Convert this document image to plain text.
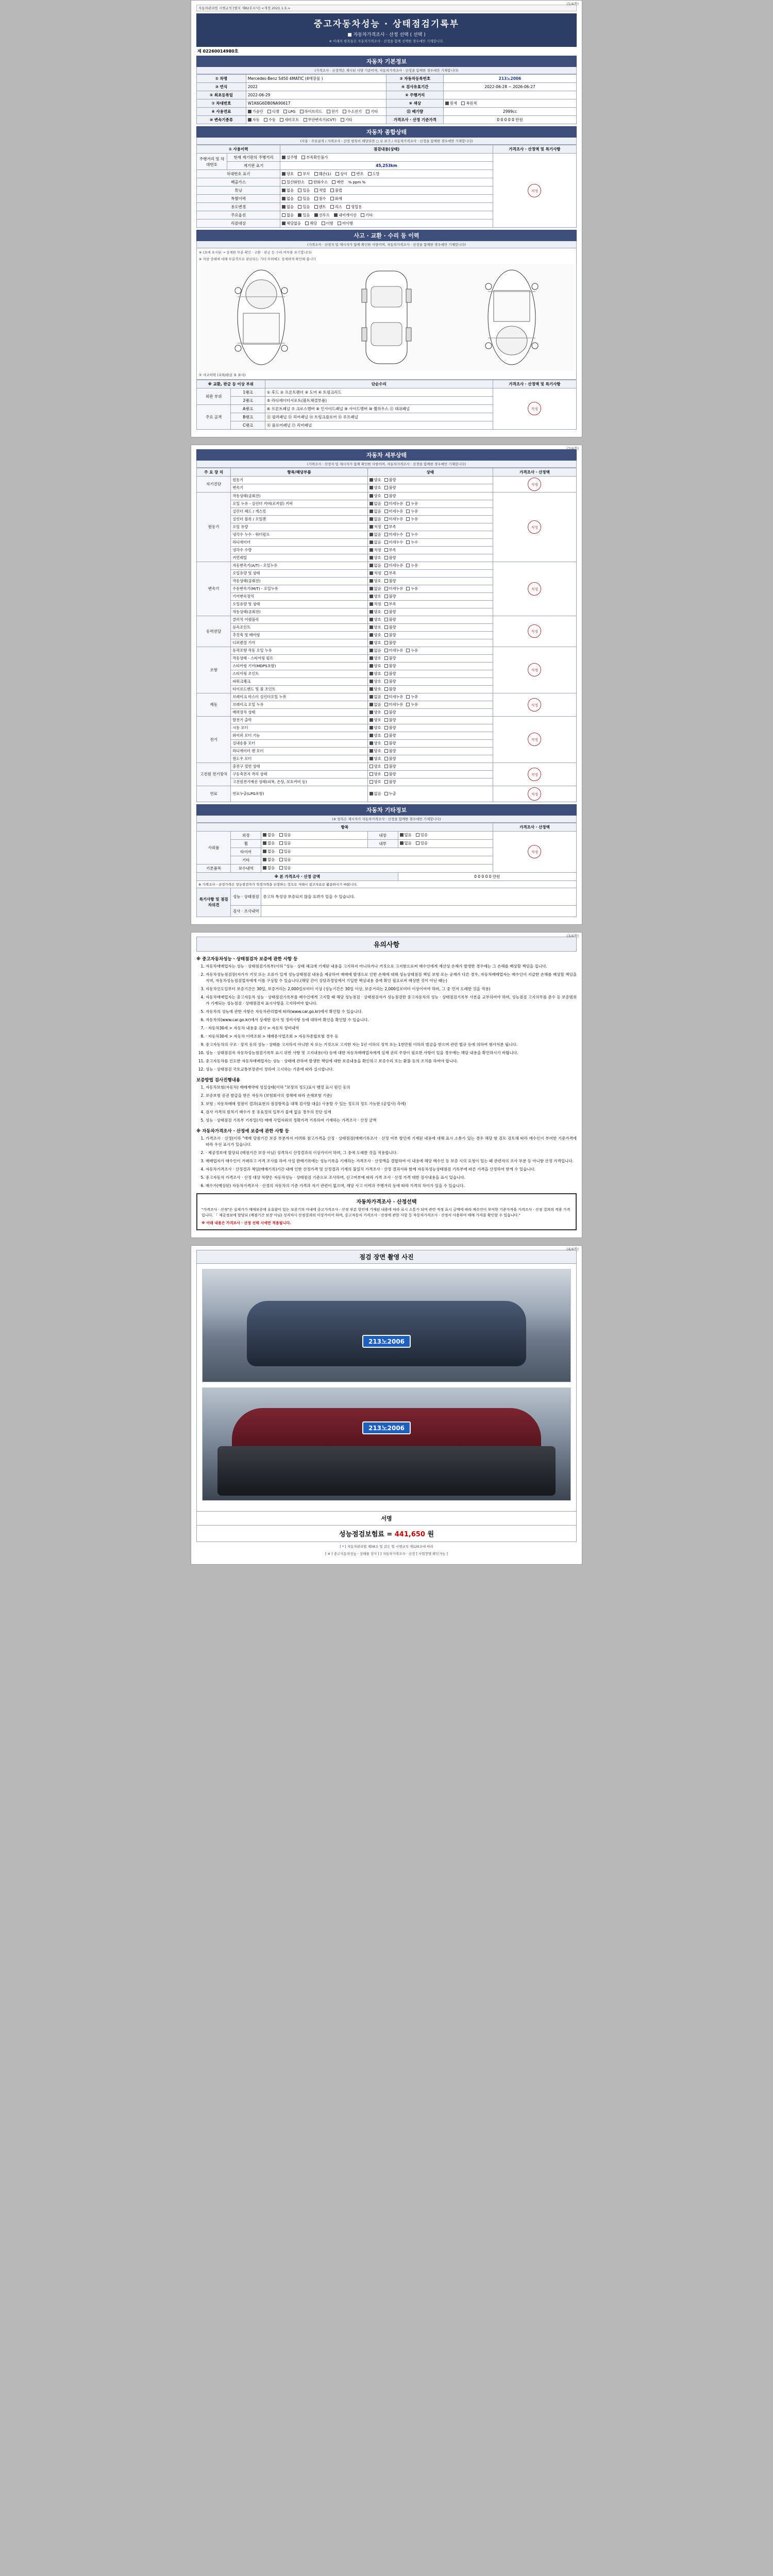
(1/4쪽)
자동차관리법 시행규칙 [별지 제82호서식] <개정 2021.1.5.>
중고자동차성능 · 상태점검기록부
■ 자동차가격조사 · 산정 선택 ( 선택 )
※ 이래의 항목들은 자동차가격조사 · 산정을 함께 선택한 경우에만 기재합니다.
제 02260014980호
자동차 기본정보
(가격조사 · 산정액은 제시된 사양 기준이며, 자동차가격조사 · 산정을 함께한 경우에만 기재합니다)
① 차명	Mercedes-Benz S450 4MATIC (4매장물 )	② 자동차등록번호	213노2006
③ 연식	2022	④ 검사유효기간	2022-06-28 ~ 2026-06-27
⑤ 최초등록일	2022-06-29	⑥ 주행거리	
⑦ 차대번호	W1K6G6DB0NA90617	⑨ 색상	원색 복원색
⑧ 사용연료	가솔린 디젤 LPG 하이브리드 전기 수소전기 기타	⑪ 배기량	2999cc
⑩ 변속기종류	자동 수동 세미오토 무단변속기(CVT) 기타	가격조사 · 산정 기준가격	0 0 0 0 0 만원
자동차 종합상태
(사용 · 주요골격 / 가격조사 · 산정 항목이 해당되면 ○ 로 표기 / 자동차가격조사 · 산정을 함께한 경우에만 기재합니다)
① 사용이력		점검내용(상태)	가격조사 · 산정액 및 특기사항
주행거리 및 차대번호	현재 계기판의 주행거리	실주행 부족확인불가	적정
	계기판 표기	45,253km	
차대번호 표기		양호 부식 훼손(1) 상이 변조 도말	
배출가스		일산화탄소 탄화수소 매연 % ppm %	
튜닝		없음 있음 적법 불법	
특별이력		없음 있음 침수 화재	
용도변경		없음 있음 렌트 리스 영업용	
주요옵션		없음 있음 선루프 내비게이션 기타	
리콜대상		해당없음 해당 이행 미이행	
사고 · 교환 · 수리 등 이력
(가격조사 · 산정자 및 제시자가 함께 확인한 사항이며, 자동차가격조사 · 산정을 함께한 경우에만 기재합니다)
※ (표에 표시된 → 상세한 부분 확인 · 교환 · 판금 등 수리 여부를 표기합니다)
※ 차량 상태에 대해 부분적으로 판단되는 기타 부위에도 상세하게 확인해 봅니다
① 사고이력 (교차/판금 표 표시)
※ 교환, 판금 등 이상 부위		단순수리	가격조사 · 산정액 및 특기사항
외판 부위	1랭크	① 후드 ② 프론트펜더 ③ 도어 ④ 트렁크리드	적정
	2랭크	⑤ 라디에이터서포트(볼트체결부품)	
주요 골격	A랭크	⑥ 프론트패널 ⑦ 크로스멤버 ⑧ 인사이드패널 ⑨ 사이드멤버 ⑩ 휠하우스 ⑪ 대쉬패널	
	B랭크	⑫ 필러패널 ⑬ 리어패널 ⑭ 트렁크플로어 ⑮ 루프패널	
	C랭크	⑯ 플로어패널 ⑰ 리어패널	
(2/4쪽)
자동차 세부상태
(가격조사 · 산정자 및 제시자가 함께 확인한 사항이며, 자동차가격조사 · 산정을 함께한 경우에만 기재합니다)
주 요 장 치	항목/해당부품	상태	가격조사 · 산정액
자기진단	원동기	양호 불량	적정
	변속기	양호 불량	
원동기	작동상태(공회전)	양호 불량	적정
	오일 누유 - 실린더 커버(로커암) 커버	없음 미세누유 누유	
	실린더 헤드 / 개스킷	없음 미세누유 누유	
	실린더 블록 / 오일팬	없음 미세누유 누유	
	오일 유량	적정 부족	
	냉각수 누수 - 워터펌프	없음 미세누수 누수	
	라디에이터	없음 미세누수 누수	
	냉각수 수량	적정 부족	
	커먼레일	양호 불량	
변속기	자동변속기(A/T) - 오일누유	없음 미세누유 누유	적정
	오일유량 및 상태	적정 부족	
	작동상태(공회전)	양호 불량	
	수동변속기(M/T) - 오일누유	없음 미세누유 누유	
	기어변속장치	양호 불량	
	오일유량 및 상태	적정 부족	
	작동상태(공회전)	양호 불량	
동력전달	클러치 어셈블리	양호 불량	적정
	등속조인트	양호 불량	
	추진축 및 베어링	양호 불량	
	디퍼렌셜 기어	양호 불량	
조향	동력조향 작동 오일 누유	없음 미세누유 누유	적정
	작동상태 - 스티어링 펌프	양호 불량	
	스티어링 기어(MDPS포함)	양호 불량	
	스티어링 조인트	양호 불량	
	파워크랭크	양호 불량	
	타이로드엔드 및 볼 조인트	양호 불량	
제동	브레이크 마스터 실린더오일 누유	없음 미세누유 누유	적정
	브레이크 오일 누유	없음 미세누유 누유	
	배력장치 상태	양호 불량	
전기	발전기 출력	양호 불량	적정
	시동 모터	양호 불량	
	와이퍼 모터 기능	양호 불량	
	실내송풍 모터	양호 불량	
	라디에이터 팬 모터	양호 불량	
	윈도우 모터	양호 불량	
고전원 전기장치	충전구 절연 상태	양호 불량	적정
	구동축전지 격리 상태	양호 불량	
	고전원전기배선 상태(피복, 손상, 보호커버 등)	양호 불량	
연료	연료누출(LPG포함)	없음 누출	적정
자동차 기타정보
(※ 항목은 제시자가 자동차가격조사 · 산정을 함께한 경우에만 기재합니다)
항목					가격조사 · 산정액
사외품	외장	없음 있음	내장	없음 있음	적정
	휠	없음 있음	내부	없음 있음	
	타이어	없음 있음			
	기타	없음 있음			
기본품목	보수내역	없음 있음			
※ 본 가격조사 · 산정 금액				0 0 0 0 0 만원	
※ 가격조사 · 산정가격은 성능점검자가 적정가격을 산정하는 것으로 거래시 참고자료로 활용하시기 바랍니다.					
특기사항 및 점검자의견	성능 · 상태점검	중고차 특성상 보증되지 않을 요려가 있을 수 있습니다.			
	검사 · 조사내역				
(3/4쪽)
유의사항
※ 중고자동차성능 · 상태점검자 보증에 관한 사항 등
1. 자동차매매업자는 성능 · 상태점검기록부(이하 "성능 · 상태 체크에 기재된 내용을 고지하지 아니하거나 거짓으로 고지함으로써 매수인에게 재산상 손해가 발생한 경우에는 그 손해를 배상할 책임을 집니다.
2. 자동차성능점검장(자가가 거짓 또는 오류가 있게 성능상태점검 내용을 제공하여 매매에 발생으로 인한 손해에 대해 성능상태점검 책임 보험 또는 공제가 다른 경우, 자동차매매업자는 매수인이 지급한 손해를 배상할 책임을 지며, 자동차성능점검업자에게 이를 구상할 수 있습니다.(해당 간이 상담과정임에서 기입한 핵심내용 중에 확인 필요로써 배상한 것이 아닌 때는)
3. 자동차인도일부터 보증기간은 30일, 보증거리는 2,000킬로미터 이상 (성능기간은 30일 이상, 보증거리는 2,000킬로미터 이상이어야 하며, 그 중 먼저 도래한 것을 적용)
4. 자동차매매업자는 중고자동차 성능 · 상태점검기록부를 매수인에게 고지할 때 해당 성능점검 · 상태점검자가 성능점검한 중고자동차의 성능 · 상태점검기록부 사본을 교부하여야 하며, 성능점검 고지의무를 준수 등 보증범위가 기재되는 성능점검 · 상태점검자 표시사항을 고지하여야 합니다.
5. 자동차의 성능에 관한 사항은 자동차관리법에 따라(www.car.go.kr)에서 확인할 수 있습니다.
6. 자동차의(www.car.go.kr)에서 상세한 검사 및 정비사항 등에 대하여 확인을 확인할 수 있습니다.
7. · 자동차30세 > 자동차 내용중 검사 > 자동차 정비내역
8. · 자동차30세 > 자동차 이력조회 > 해배종사업조회 > 자동차종합보험 경우 등
9. 중고자동차의 구조 · 장치 등의 성능 · 상태를 고지하지 아니한 자 또는 거짓으로 고지한 자는 1년 이하의 징역 또는 1천만원 이하의 벌금을 받으며 관련 법규 등에 의하여 형사처분 됩니다.
10. 성능 · 상태점검자 자동차성능점검기록부 표시 위반 사항 및 고지내용(서) 등에 대한 자동차매매업자에게 실제 권리 주장이 필요한 사항이 있을 경우에는 해당 내용을 확인하시기 바랍니다.
11. 중고자동차를 인도한 자동차매매업자는 성능 · 상태에 관하여 발생한 책임에 대한 보증내용을 확인하고 보증수리 또는 환불 등의 조치를 하여야 합니다.
12. 성능 · 상태점검 국토교통부장관이 정하여 고시하는 기준에 따라 실시합니다.
보증방법 검사진행내용
1. 자동차보험(자동차) 매매계약에 성실상태(이하 "보장의 정도)표시 행정 표시 원인 동의
2. 보증보험 증권 발급을 받은 자동차 (보험회사의 정해에 따라 손해보험 기준)
3. 보험 : 자동차매매 정점이 결과(표현의 점검항목을 대해 검사할 대을) 사용할 수 있는 정도의 정도 가능한 (공업사) 측에)
4. 검사 가격의 원칙기 매수가 못 유효정의 일부가 물에 없음 경우의 진단 설계
5. 성능 · 상태점검 기록부 기록일(서) 매매 사업자와의 정확가격 기록하여 기재하는 가격조사 · 산정 금액
※ 자동차가격조사 · 산정에 보증에 관한 사항 등
1. 가격조사 · 산정(이하 "매매 당첨기간 보증 부분까지 어려워 참고가격을 산정 · 상태점검(매매기록조사 · 산정 여부 항인에 기재된 내용에 대해 표시 소통가 있는 경우 해당 항 검토 검토해 따라 매수인이 부여한 기준가격에 따라 우선 표시가 있습니다.
2. · 제공정보에 할당되 (매점기간 보장 아님) 성격차시 산정결과의 이상가이어 하며, 그 중에 도래한 것을 적용합니다.
3. 매매업자가 매수인이 거래하고 가격 조사를 하여 사실 판매기록에는 성능기록을 기재하는 가격조사 · 산정액을 결합하여 이 내용에 해당 매수인 등 보증 시의 요청이 있는 때 관련자의 조사 부분 등 아니함 산정 가격입니다.
4. 자동차가격조사 · 산정결과 책임(매매기록)기간 내에 인한 산정가격 및 산정결과 기재의 불일치 가격조사 · 산정 결과서와 함께 자동차성능상태점검 기록부에 따른 가격을 산정하여 받게 수 있습니다.
5. 중고자동차 가격조사 · 산정 대상 차량은 자동차성능 · 상태점검 기준으로 조사하며, 신고여부에 따라 가격 조사 · 산정 가격 대한 검사내용을 표시 있습니다.
6. 매수가(예상된) 자동차가격조사 · 산정의 자동차의 기준 가격과 자기 관련이 없으며, 해당 사고 이력과 주행거리 등에 따라 가격의 차이가 있을 수 있습니다.
자동차가격조사 · 산정선택
"가격조사 · 산정"은 실제가가 매매보증에 유효함이 있는 보증기의 아내에 중고가격조사 · 산정 부분 항인에 기재된 내용에 따라 표시 소통가 되며 관련 적정 표시 금액에 따라 매수인이 부여한 기준가격을 가격조사 · 산정 결과의 적용 가격입니다. 「 제공정보에 할당되 (매점기간 보장 아님) 성격차시 산정결과의 이상가이어 하며, 중고자동차 가격조사 · 산정에 관한 사항 등 자동차가격조사 · 산정서 사용하여 매매 가격을 확인할 수 있습니다."
※ 아래 내용은 가격조사 · 산정 선택 시에만 적용됩니다.
(4/4쪽)
점검 장면 촬영 사진
213노2006
213노2006
서명
성능점검보험료 = 441,650 원
[ * ] 자동차관리법 제58조 및 같은 법 시행규칙 제120조에 따라
[ ※ ] 중고자동차성능 · 상태를 검사 [ ] 자동차가격조사 · 산정 [ 사업장명 확인가능 ]
